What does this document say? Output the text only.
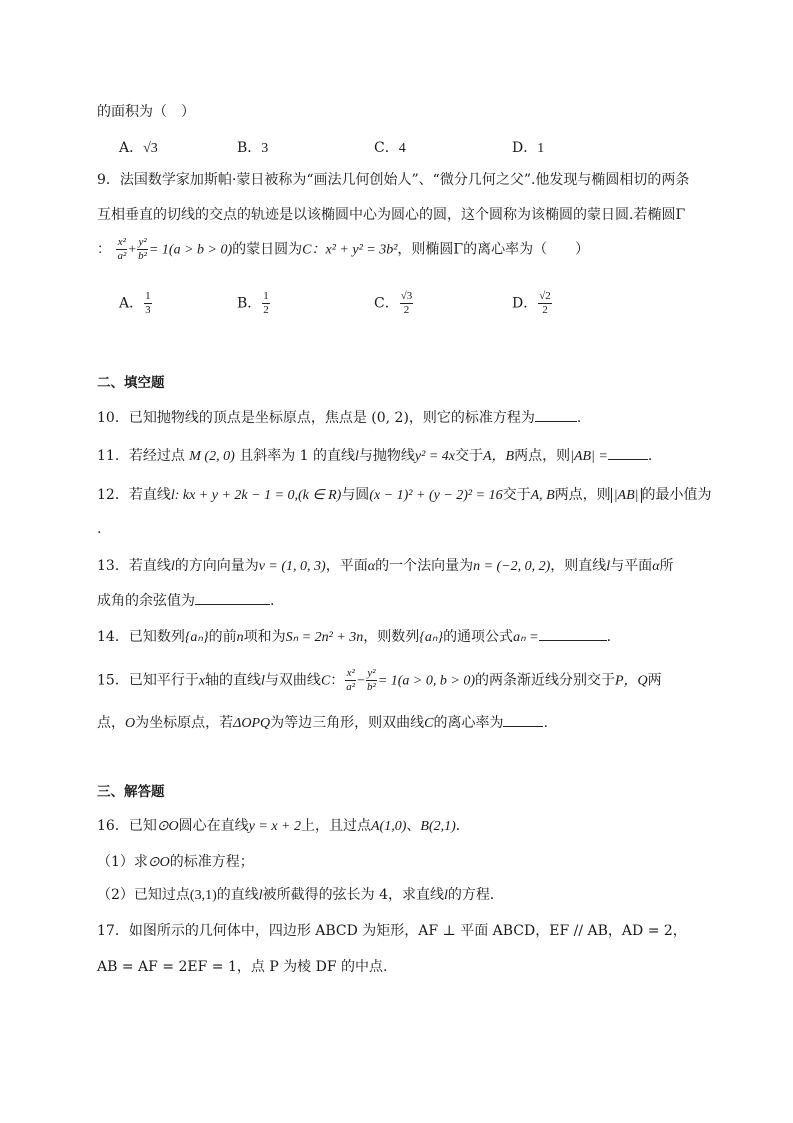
的面积为（　）
A．√3	B．3	C．4	D．1
9．法国数学家加斯帕·蒙日被称为“画法几何创始人”、“微分几何之父”.他发现与椭圆相切的两条
互相垂直的切线的交点的轨迹是以该椭圆中心为圆心的圆，这个圆称为该椭圆的蒙日圆.若椭圆Γ
： $\frac{\text{x²}}{\text{a²}} + \frac{\text{y²}}{\text{b²}} = 1(a > b > 0)$的蒙日圆为C：x² + y² = 3b²，则椭圆Γ的离心率为（　　）
A． $\frac{1}{3}$	B． $\frac{1}{2}$	C． $\frac{√3}{2}$	D． $\frac{√2}{2}$
二、填空题
10．已知抛物线的顶点是坐标原点，焦点是 (0, 2)，则它的标准方程为	.
11．若经过点 M (2, 0) 且斜率为 1 的直线l与抛物线y² = 4x交于A，B两点，则|AB| =	.
12．若直线l: kx + y + 2k − 1 = 0,(k ∈ R)与圆(x − 1)² + (y − 2)² = 16交于A, B两点，则 |AB| 的最小值为
.
13．若直线l的方向向量为v = (1, 0, 3)，平面α的一个法向量为n = (−2, 0, 2)，则直线l与平面α所
成角的余弦值为	.
14．已知数列{aₙ}的前n项和为Sₙ = 2n² + 3n，则数列{aₙ}的通项公式aₙ =	.
15．已知平行于x轴的直线l与双曲线C： $\frac{\text{x²}}{\text{a²}} - \frac{\text{y²}}{\text{b²}} = 1(a > 0$, b > 0)的两条渐近线分别交于P，Q两
点，O为坐标原点，若ΔOPQ为等边三角形，则双曲线C的离心率为	.
三、解答题
16．已知⊙O圆心在直线y = x + 2上，且过点A(1,0)、B(2,1)．
（1）求⊙O的标准方程；
（2）已知过点(3,1)的直线l被所截得的弦长为 4，求直线l的方程．
17．如图所示的几何体中，四边形 ABCD 为矩形，AF ⊥ 平面 ABCD，EF // AB，AD = 2，
AB = AF = 2EF = 1，点 P 为棱 DF 的中点.
